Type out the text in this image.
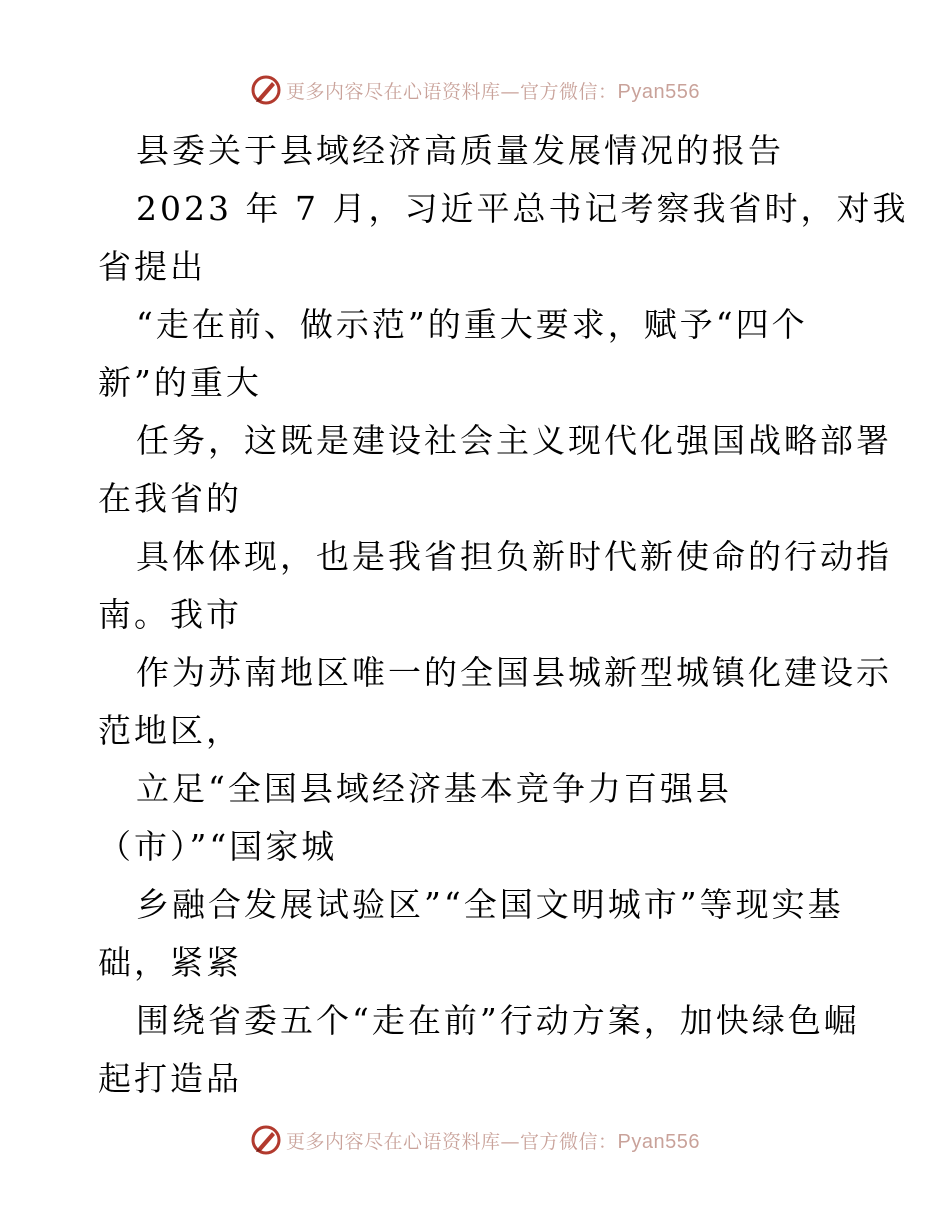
更多内容尽在心语资料库—官方微信：Pyan556
县委关于县域经济高质量发展情况的报告
2023 年 7 月，习近平总书记考察我省时，对我
省提出
“走在前、做示范”的重大要求，赋予“四个
新”的重大
任务，这既是建设社会主义现代化强国战略部署
在我省的
具体体现，也是我省担负新时代新使命的行动指
南。我市
作为苏南地区唯一的全国县城新型城镇化建设示
范地区，
立足“全国县域经济基本竞争力百强县
（市）”“国家城
乡融合发展试验区”“全国文明城市”等现实基
础，紧紧
围绕省委五个“走在前”行动方案，加快绿色崛
起打造品
更多内容尽在心语资料库—官方微信：Pyan556
